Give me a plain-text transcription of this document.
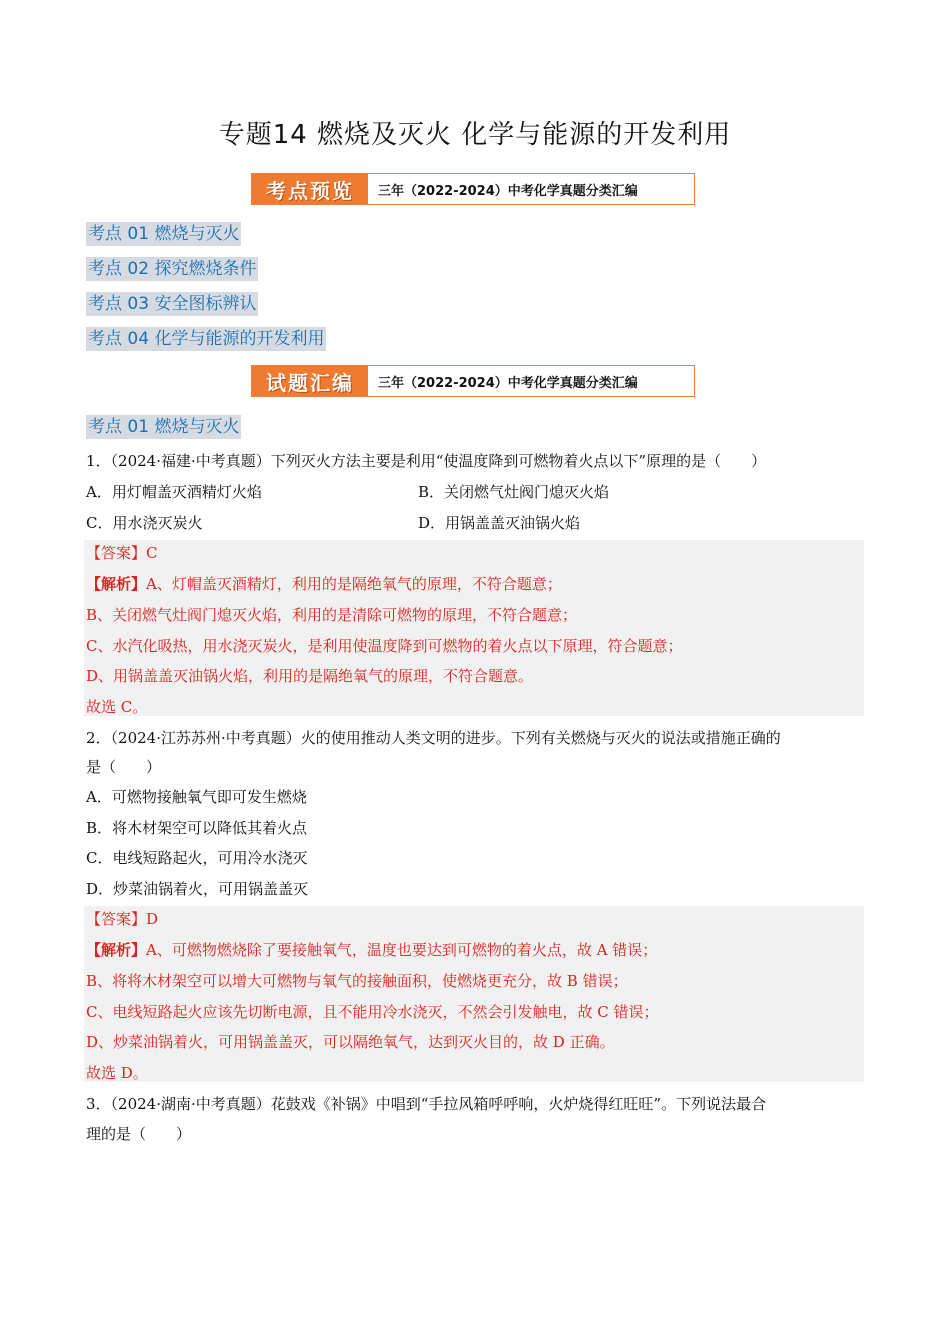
专题14 燃烧及灭火 化学与能源的开发利用
考点预览	三年（2022-2024）中考化学真题分类汇编
考点 01 燃烧与灭火
考点 02 探究燃烧条件
考点 03 安全图标辨认
考点 04 化学与能源的开发利用
试题汇编	三年（2022-2024）中考化学真题分类汇编
考点 01 燃烧与灭火
1．（2024·福建·中考真题）下列灭火方法主要是利用“使温度降到可燃物着火点以下”原理的是（　　）
A．用灯帽盖灭酒精灯火焰	B．关闭燃气灶阀门熄灭火焰
C．用水浇灭炭火	D．用锅盖盖灭油锅火焰
【答案】C
【解析】A、灯帽盖灭酒精灯，利用的是隔绝氧气的原理，不符合题意；
B、关闭燃气灶阀门熄灭火焰，利用的是清除可燃物的原理，不符合题意；
C、水汽化吸热，用水浇灭炭火，是利用使温度降到可燃物的着火点以下原理，符合题意；
D、用锅盖盖灭油锅火焰，利用的是隔绝氧气的原理，不符合题意。
故选 C。
2．（2024·江苏苏州·中考真题）火的使用推动人类文明的进步。下列有关燃烧与灭火的说法或措施正确的
是（　　）
A．可燃物接触氧气即可发生燃烧
B．将木材架空可以降低其着火点
C．电线短路起火，可用冷水浇灭
D．炒菜油锅着火，可用锅盖盖灭
【答案】D
【解析】A、可燃物燃烧除了要接触氧气，温度也要达到可燃物的着火点，故 A 错误；
B、将将木材架空可以增大可燃物与氧气的接触面积，使燃烧更充分，故 B 错误；
C、电线短路起火应该先切断电源，且不能用冷水浇灭，不然会引发触电，故 C 错误；
D、炒菜油锅着火，可用锅盖盖灭，可以隔绝氧气，达到灭火目的，故 D 正确。
故选 D。
3．（2024·湖南·中考真题）花鼓戏《补锅》中唱到“手拉风箱呼呼响，火炉烧得红旺旺”。下列说法最合
理的是（　　）
